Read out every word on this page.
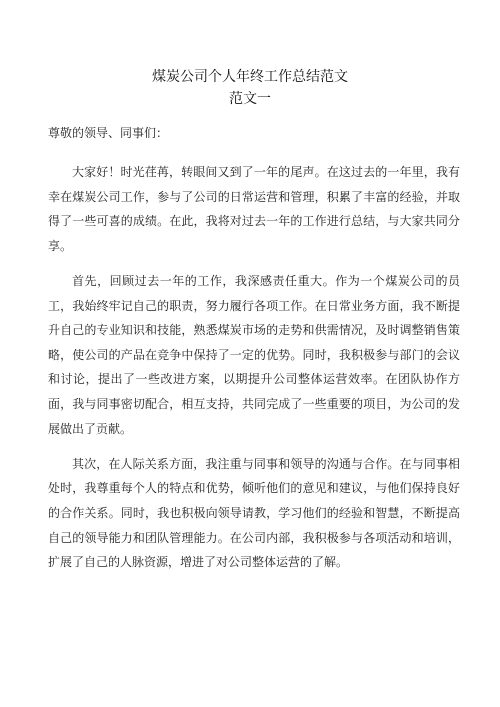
煤炭公司个人年终工作总结范文
范文一
尊敬的领导、同事们：

大家好！时光荏苒，转眼间又到了一年的尾声。在这过去的一年里，我有幸在煤炭公司工作，参与了公司的日常运营和管理，积累了丰富的经验，并取得了一些可喜的成绩。在此，我将对过去一年的工作进行总结，与大家共同分享。

首先，回顾过去一年的工作，我深感责任重大。作为一个煤炭公司的员工，我始终牢记自己的职责，努力履行各项工作。在日常业务方面，我不断提升自己的专业知识和技能，熟悉煤炭市场的走势和供需情况，及时调整销售策略，使公司的产品在竞争中保持了一定的优势。同时，我积极参与部门的会议和讨论，提出了一些改进方案，以期提升公司整体运营效率。在团队协作方面，我与同事密切配合，相互支持，共同完成了一些重要的项目，为公司的发展做出了贡献。

其次，在人际关系方面，我注重与同事和领导的沟通与合作。在与同事相处时，我尊重每个人的特点和优势，倾听他们的意见和建议，与他们保持良好的合作关系。同时，我也积极向领导请教，学习他们的经验和智慧，不断提高自己的领导能力和团队管理能力。在公司内部，我积极参与各项活动和培训，扩展了自己的人脉资源，增进了对公司整体运营的了解。
